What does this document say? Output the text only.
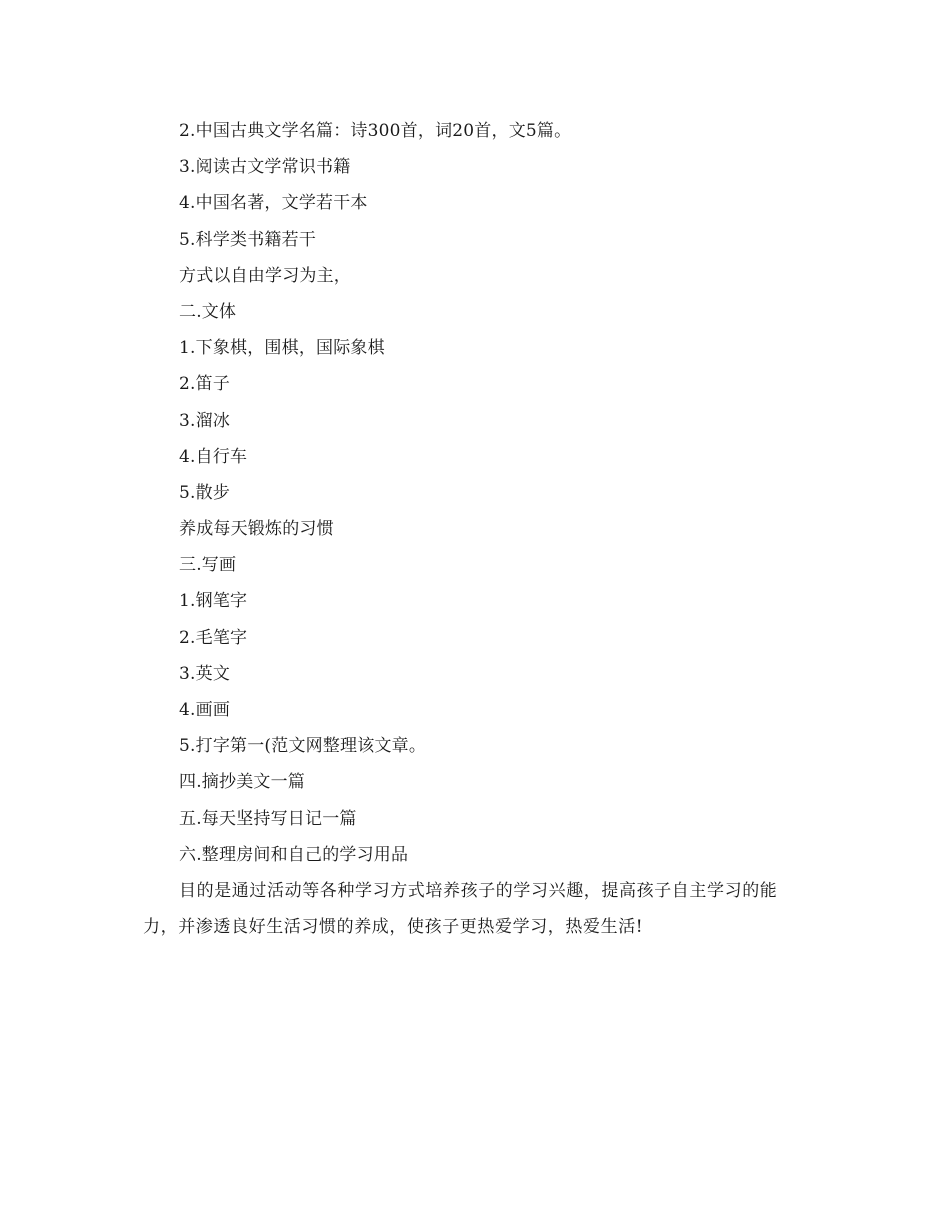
2.中国古典文学名篇：诗300首，词20首，文5篇。
3.阅读古文学常识书籍
4.中国名著，文学若干本
5.科学类书籍若干
方式以自由学习为主，
二.文体
1.下象棋，围棋，国际象棋
2.笛子
3.溜冰
4.自行车
5.散步
养成每天锻炼的习惯
三.写画
1.钢笔字
2.毛笔字
3.英文
4.画画
5.打字第一(范文网整理该文章。
四.摘抄美文一篇
五.每天坚持写日记一篇
六.整理房间和自己的学习用品

目的是通过活动等各种学习方式培养孩子的学习兴趣，提高孩子自主学习的能力，并渗透良好生活习惯的养成，使孩子更热爱学习，热爱生活!
